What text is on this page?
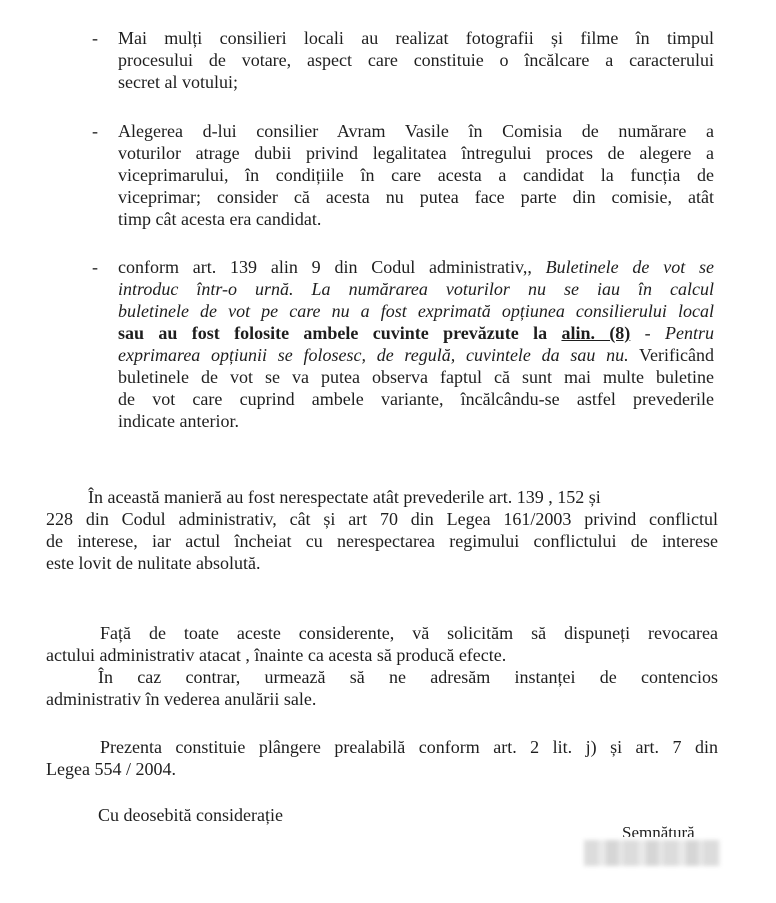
- Mai mulți consilieri locali au realizat fotografii și filme în timpul
procesului de votare, aspect care constituie o încălcare a caracterului
secret al votului;
- Alegerea d-lui consilier Avram Vasile în Comisia de numărare a
voturilor atrage dubii privind legalitatea întregului proces de alegere a
viceprimarului, în condițiile în care acesta a candidat la funcția de
viceprimar; consider că acesta nu putea face parte din comisie, atât
timp cât acesta era candidat.
- conform art. 139 alin 9 din Codul administrativ,, Buletinele de vot se
introduc într-o urnă. La numărarea voturilor nu se iau în calcul
buletinele de vot pe care nu a fost exprimată opțiunea consilierului local
sau au fost folosite ambele cuvinte prevăzute la alin. (8) - Pentru
exprimarea opțiunii se folosesc, de regulă, cuvintele da sau nu. Verificând
buletinele de vot se va putea observa faptul că sunt mai multe buletine
de vot care cuprind ambele variante, încălcându-se astfel prevederile
indicate anterior.
În această manieră au fost nerespectate atât prevederile art. 139 , 152 și
228 din Codul administrativ, cât și art 70 din Legea 161/2003 privind conflictul
de interese, iar actul încheiat cu nerespectarea regimului conflictului de interese
este lovit de nulitate absolută.
Față de toate aceste considerente, vă solicităm să dispuneți revocarea
actului administrativ atacat , înainte ca acesta să producă efecte.
În caz contrar, urmează să ne adresăm instanței de contencios
administrativ în vederea anulării sale.
Prezenta constituie plângere prealabilă conform art. 2 lit. j) și art. 7 din
Legea 554 / 2004.
Cu deosebită considerație
Semnătură
